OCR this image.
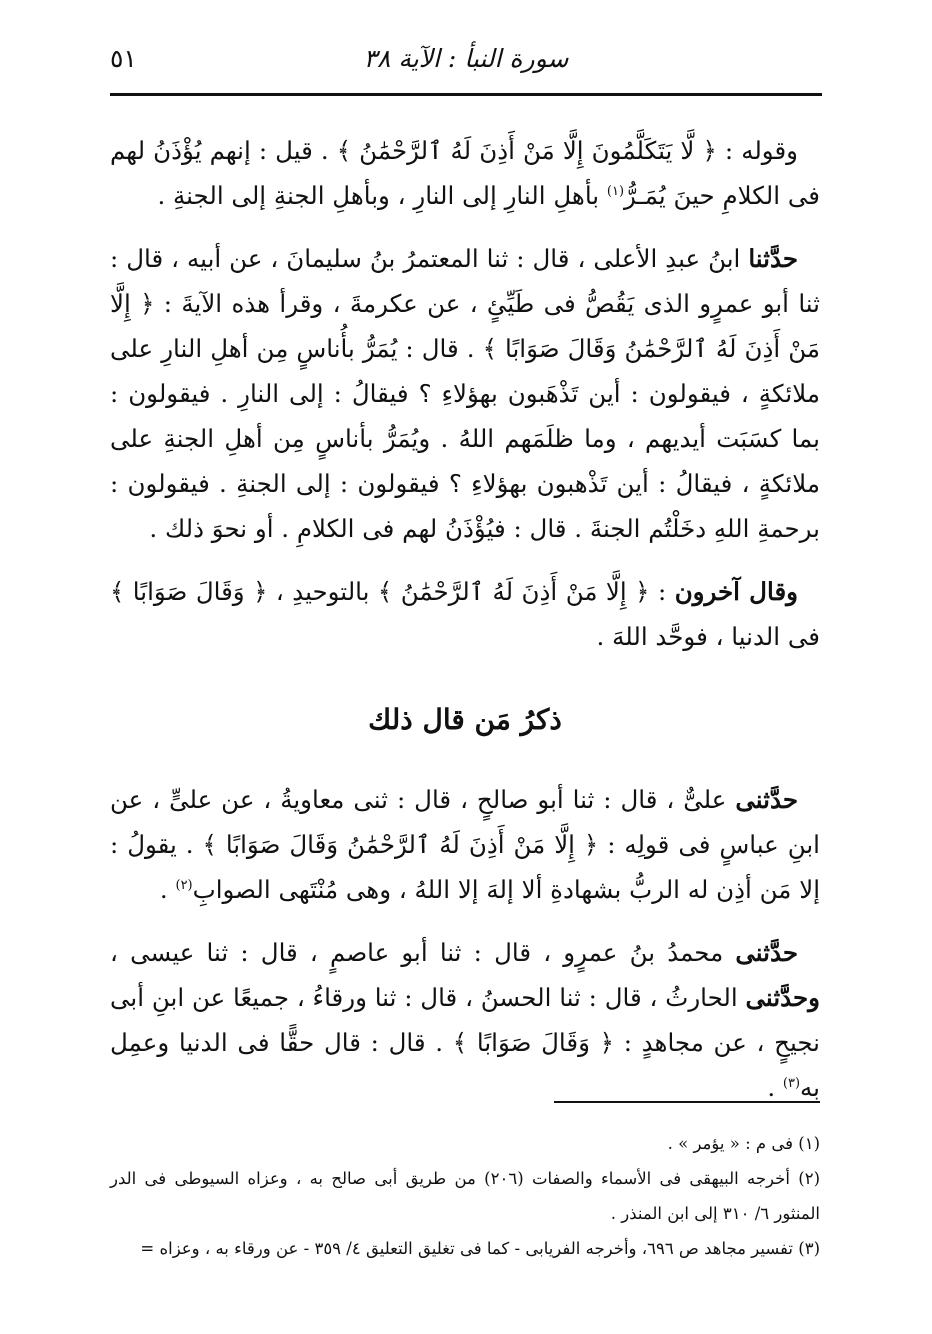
سورة النبأ : الآية ٣٨
٥١

وقوله : ﴿ لَّا يَتَكَلَّمُونَ إِلَّا مَنْ أَذِنَ لَهُ ٱلرَّحْمَٰنُ ﴾ . قيل : إنهم يُؤْذَنُ لهم فى الكلامِ حينَ يُمَـرُّ$^{(١)}$ بأهلِ النارِ إلى النارِ ، وبأهلِ الجنةِ إلى الجنةِ .

حدَّثنا ابنُ عبدِ الأعلى ، قال : ثنا المعتمرُ بنُ سليمانَ ، عن أبيه ، قال : ثنا أبو عمرٍو الذى يَقُصُّ فى طَيِّئٍ ، عن عكرمةَ ، وقرأ هذه الآيةَ : ﴿ إِلَّا مَنْ أَذِنَ لَهُ ٱلرَّحْمَٰنُ وَقَالَ صَوَابًا ﴾ . قال : يُمَرُّ بأُناسٍ مِن أهلِ النارِ على ملائكةٍ ، فيقولون : أين تَذْهَبون بهؤلاءِ ؟ فيقالُ : إلى النارِ . فيقولون : بما كسَبَت أيديهم ، وما ظلَمَهم اللهُ . ويُمَرُّ بأناسٍ مِن أهلِ الجنةِ على ملائكةٍ ، فيقالُ : أين تَذْهبون بهؤلاءِ ؟ فيقولون : إلى الجنةِ . فيقولون : برحمةِ اللهِ دخَلْتُم الجنةَ . قال : فيُؤْذَنُ لهم فى الكلامِ . أو نحوَ ذلك .

وقال آخرون : ﴿ إِلَّا مَنْ أَذِنَ لَهُ ٱلرَّحْمَٰنُ ﴾ بالتوحيدِ ، ﴿ وَقَالَ صَوَابًا ﴾ فى الدنيا ، فوحَّد اللهَ .

ذكرُ مَن قال ذلك

حدَّثنى علىٌّ ، قال : ثنا أبو صالحٍ ، قال : ثنى معاويةُ ، عن علىٍّ ، عن ابنِ عباسٍ فى قولِه : ﴿ إِلَّا مَنْ أَذِنَ لَهُ ٱلرَّحْمَٰنُ وَقَالَ صَوَابًا ﴾ . يقولُ : إلا مَن أذِن له الربُّ بشهادةِ ألا إلهَ إلا اللهُ ، وهى مُنْتَهى الصوابِ$^{(٢)}$ .

حدَّثنى محمدُ بنُ عمرٍو ، قال : ثنا أبو عاصمٍ ، قال : ثنا عيسى ، وحدَّثنى الحارثُ ، قال : ثنا الحسنُ ، قال : ثنا ورقاءُ ، جميعًا عن ابنِ أبى نجيحٍ ، عن مجاهدٍ : ﴿ وَقَالَ صَوَابًا ﴾ . قال : قال حقًّا فى الدنيا وعمِل به$^{(٣)}$ .

(١) فى م : « يؤمر » .

(٢) أخرجه البيهقى فى الأسماء والصفات (٢٠٦) من طريق أبى صالح به ، وعزاه السيوطى فى الدر المنثور ٦/ ٣١٠ إلى ابن المنذر .

(٣) تفسير مجاهد ص ٦٩٦، وأخرجه الفريابى - كما فى تغليق التعليق ٤/ ٣٥٩ - عن ورقاء به ، وعزاه =
